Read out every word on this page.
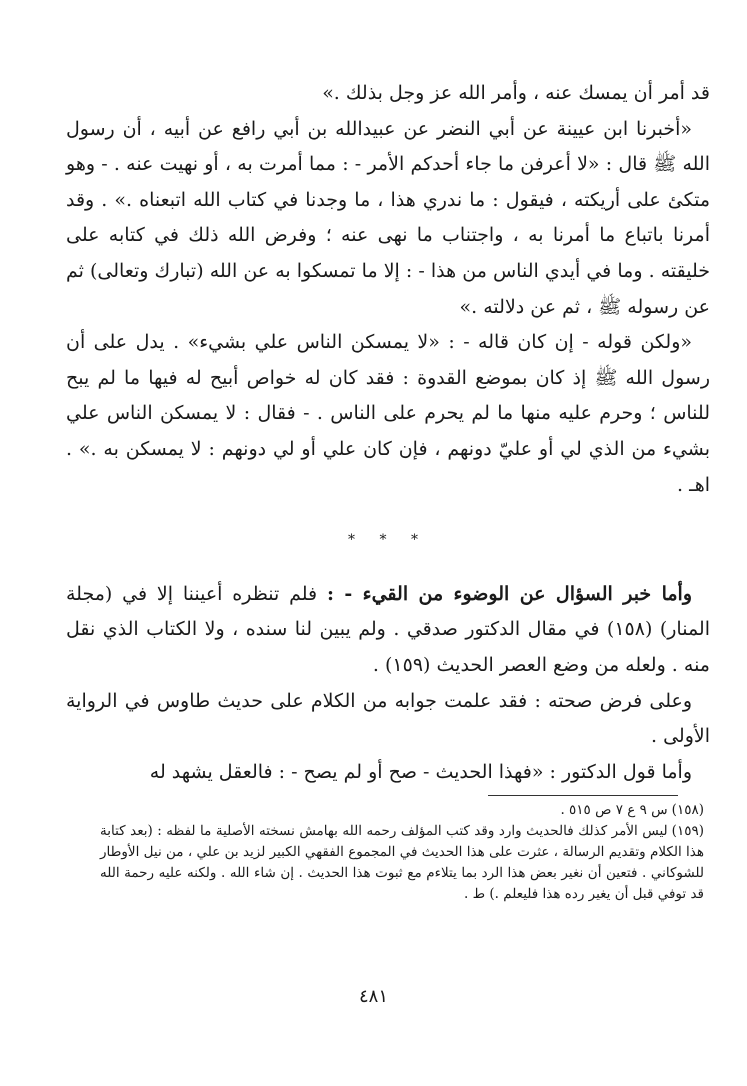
قد أمر أن يمسك عنه ، وأمر الله عز وجل بذلك .»

«أخبرنا ابن عيينة عن أبي النضر عن عبيدالله بن أبي رافع عن أبيه ، أن رسول الله ﷺ قال : «لا أعرفن ما جاء أحدكم الأمر - : مما أمرت به ، أو نهيت عنه . - وهو متكئ على أريكته ، فيقول : ما ندري هذا ، ما وجدنا في كتاب الله اتبعناه .» . وقد أمرنا باتباع ما أمرنا به ، واجتناب ما نهى عنه ؛ وفرض الله ذلك في كتابه على خليقته . وما في أيدي الناس من هذا - : إلا ما تمسكوا به عن الله (تبارك وتعالى) ثم عن رسوله ﷺ ، ثم عن دلالته .»

«ولكن قوله - إن كان قاله - : «لا يمسكن الناس علي بشيء» . يدل على أن رسول الله ﷺ إذ كان بموضع القدوة : فقد كان له خواص أبيح له فيها ما لم يبح للناس ؛ وحرم عليه منها ما لم يحرم على الناس . - فقال : لا يمسكن الناس علي بشيء من الذي لي أو عليّ دونهم ، فإن كان علي أو لي دونهم : لا يمسكن به .» . اهـ .

* * *

وأما خبر السؤال عن الوضوء من القيء - : فلم تنظره أعيننا إلا في (مجلة المنار) (١٥٨) في مقال الدكتور صدقي . ولم يبين لنا سنده ، ولا الكتاب الذي نقل منه . ولعله من وضع العصر الحديث (١٥٩) .

وعلى فرض صحته : فقد علمت جوابه من الكلام على حديث طاوس في الرواية الأولى .

وأما قول الدكتور : «فهذا الحديث - صح أو لم يصح - : فالعقل يشهد له

(١٥٨)س ٩ ع ٧ ص ٥١٥ .

(١٥٩)ليس الأمر كذلك فالحديث وارد وقد كتب المؤلف رحمه الله بهامش نسخته الأصلية ما لفظه : (بعد كتابة هذا الكلام وتقديم الرسالة ، عثرت على هذا الحديث في المجموع الفقهي الكبير لزيد بن علي ، من نيل الأوطار للشوكاني . فتعين أن نغير بعض هذا الرد بما يتلاءم مع ثبوت هذا الحديث . إن شاء الله . ولكنه عليه رحمة الله قد توفي قبل أن يغير رده هذا فليعلم .) ط .

٤٨١
